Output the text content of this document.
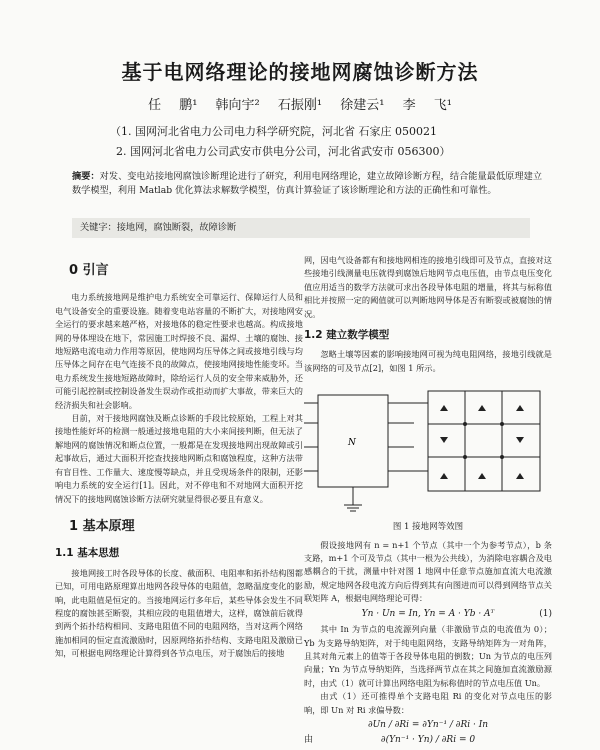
基于电网络理论的接地网腐蚀诊断方法
任 鹏¹ 韩向宇² 石振刚¹ 徐建云¹ 李 飞¹
（1. 国网河北省电力公司电力科学研究院，河北省 石家庄 050021
2. 国网河北省电力公司武安市供电分公司，河北省武安市 056300）
摘要：对发、变电站接地网腐蚀诊断理论进行了研究，利用电网络理论，建立故障诊断方程，结合能量最低原理建立数学模型，利用 Matlab 优化算法求解数学模型，仿真计算验证了该诊断理论和方法的正确性和可靠性。
关键字：接地网，腐蚀断裂，故障诊断
0 引言

电力系统接地网是维护电力系统安全可靠运行、保障运行人员和电气设备安全的重要设施。随着变电站容量的不断扩大，对接地网安全运行的要求越来越严格，对接地体的稳定性要求也越高。构成接地网的导体埋设在地下，常因施工时焊接不良、漏焊、土壤的腐蚀、接地短路电流电动力作用等原因，使地网均压导体之间或接地引线与均压导体之间存在电气连接不良的故障点，使接地网接地性能变坏。当电力系统发生接地短路故障时，除给运行人员的安全带来威胁外，还可能引起控制或控制设备发生误动作或拒动而扩大事故，带来巨大的经济损失和社会影响。

目前，对于接地网腐蚀及断点诊断的手段比较原始，工程上对其接地性能好坏的检测一般通过接地电阻的大小来间接判断，但无法了解地网的腐蚀情况和断点位置，一般都是在发现接地网出现故障或引起事故后，通过大面积开挖查找接地网断点和腐蚀程度，这种方法带有盲目性、工作量大、速度慢等缺点，并且受现场条件的限制，还影响电力系统的安全运行[1]。因此，对不停电和不对地网大面积开挖情况下的接地网腐蚀诊断方法研究就显得很必要且有意义。

1 基本原理
1.1 基本思想

接地网接工时各段导体的长度、截面积、电阻率和拓扑结构图都已知，可用电路原理算出地网各段导体的电阻值，忽略温度变化的影响，此电阻值是恒定的。当接地网运行多年后，某些导体会发生不同程度的腐蚀甚至断裂，其相应段的电阻值增大，这样，腐蚀前后就得到两个拓扑结构相同、支路电阻值不同的电阻网络，当对这两个网络施加相同的恒定直流激励时，因原网络拓扑结构、支路电阻及激励已知，可根据电网络理论计算得到各节点电压，对于腐蚀后的接地

网，因电气设备都有和接地网相连的接地引线即可及节点，直接对这些接地引线测量电压就得到腐蚀后地网节点电压值，由节点电压变化值应用适当的数学方法就可求出各段导体电阻的增量，将其与标称值相比并按照一定的阈值就可以判断地网导体是否有断裂或被腐蚀的情况。

1.2 建立数学模型

忽略土壤等因素的影响接地网可视为纯电阻网络，接地引线就是该网络的可及节点[2]，如图 1 所示。

N
图 1 接地网等效图

假设接地网有 n = n+1 个节点（其中一个为参考节点），b 条支路，m+1 个可及节点（其中一根为公共线），为消除电容耦合及电感耦合的干扰，测量中针对图 1 地网中任意节点施加直流大电流激励，规定地网各段电流方向后得到其有向图进而可以得到网络节点关联矩阵 A，根据电网络理论可得：

Yn · Un = In, Yn = A · Yb · Aᵀ	(1)

其中 In 为节点的电流源列向量（非激励节点的电流值为 0）；Yb 为支路导纳矩阵，对于纯电阻网络，支路导纳矩阵为一对角阵，且其对角元素上的值等于各段导体电阻的倒数；Un 为节点的电压列向量；Yn 为节点导纳矩阵，当选择两节点在其之间施加直流激励源时，由式（1）就可计算出网络电阻为标称值时的节点电压值 Un。

由式（1）还可推得单个支路电阻 Ri 的变化对节点电压的影响，即 Un 对 Ri 求偏导数：

∂Un / ∂Ri = ∂Yn⁻¹ / ∂Ri · In
由	∂(Yn⁻¹ · Yn) / ∂Ri = 0
